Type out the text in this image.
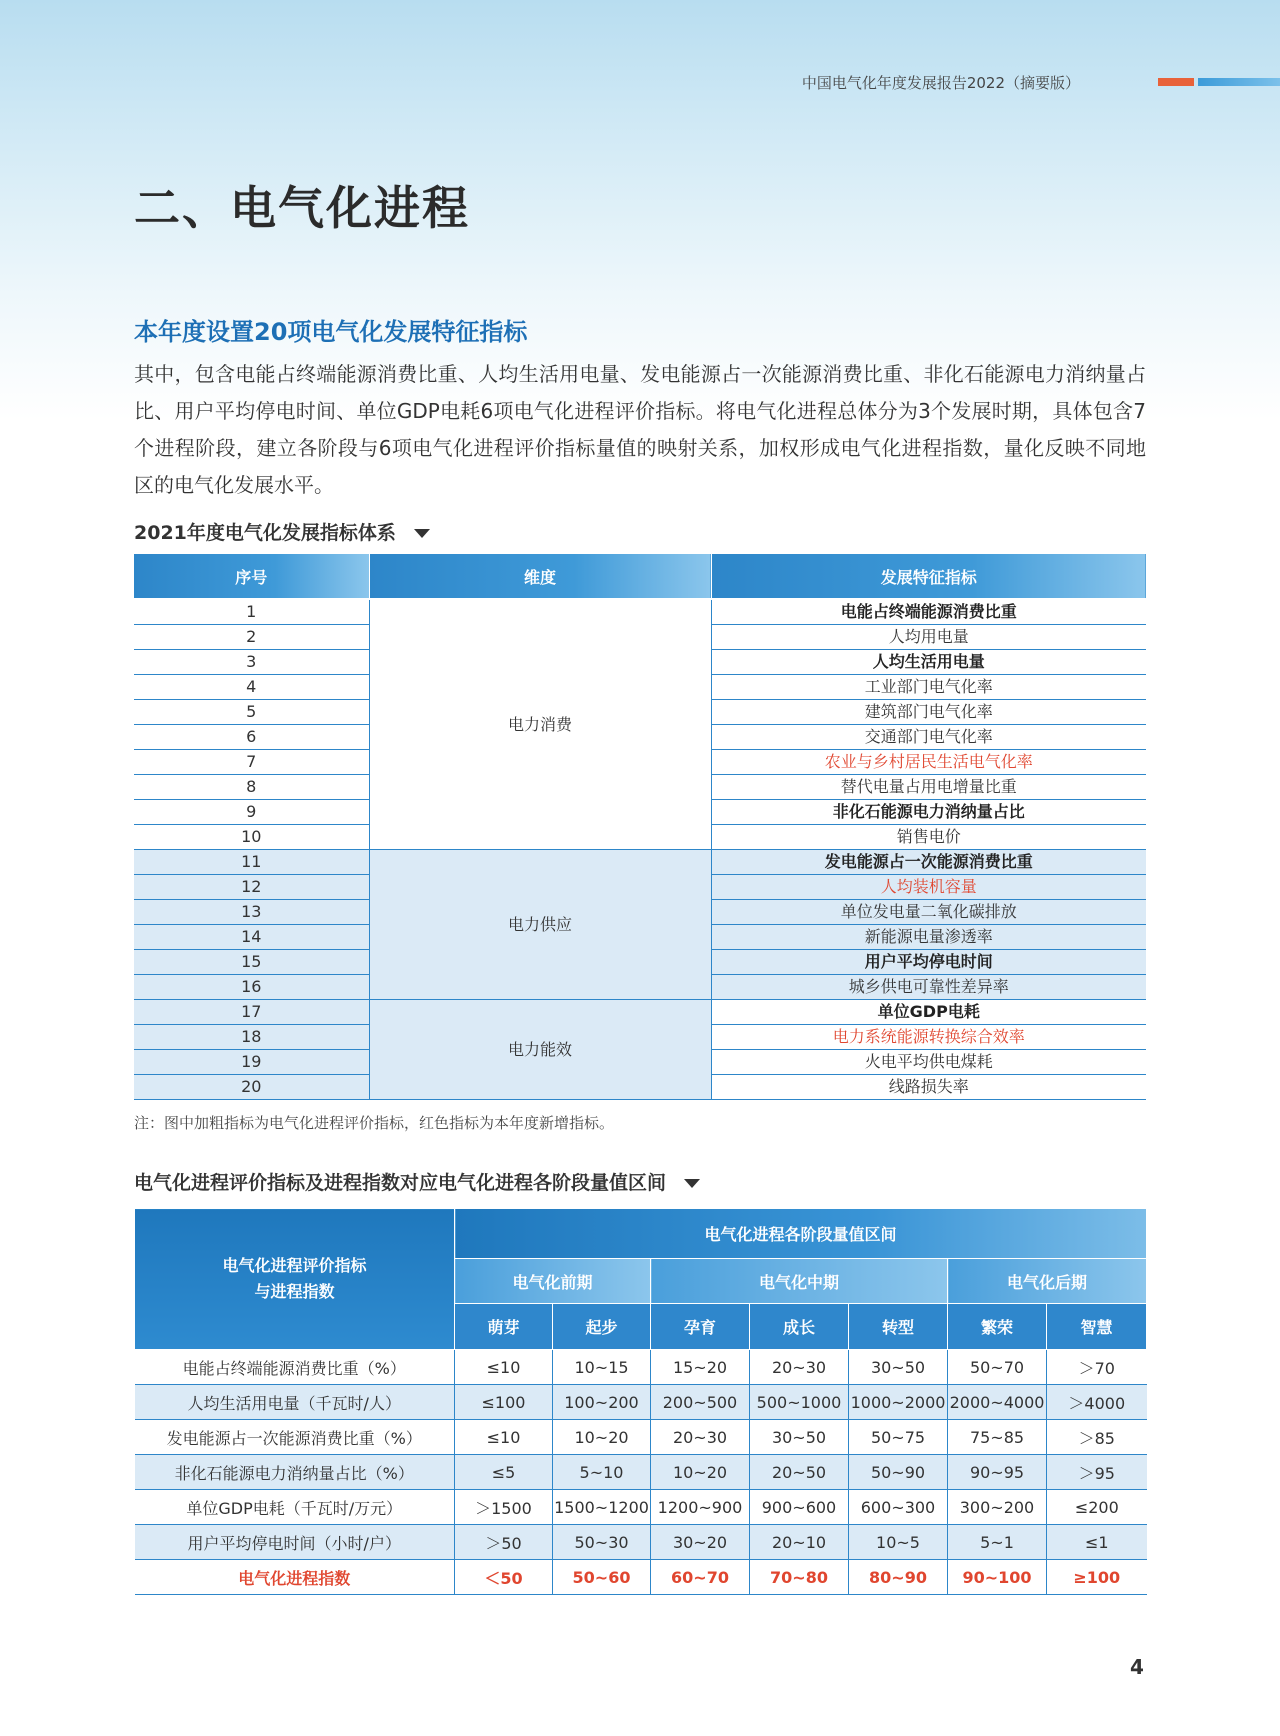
中国电气化年度发展报告2022（摘要版）
二、电气化进程
本年度设置20项电气化发展特征指标

其中，包含电能占终端能源消费比重、人均生活用电量、发电能源占一次能源消费比重、非化石能源电力消纳量占比、用户平均停电时间、单位GDP电耗6项电气化进程评价指标。将电气化进程总体分为3个发展时期，具体包含7个进程阶段，建立各阶段与6项电气化进程评价指标量值的映射关系，加权形成电气化进程指数，量化反映不同地区的电气化发展水平。

2021年度电气化发展指标体系
序号	维度	发展特征指标
1	电力消费	电能占终端能源消费比重
2		人均用电量
3		人均生活用电量
4		工业部门电气化率
5		建筑部门电气化率
6		交通部门电气化率
7		农业与乡村居民生活电气化率
8		替代电量占用电增量比重
9		非化石能源电力消纳量占比
10		销售电价
11	电力供应	发电能源占一次能源消费比重
12		人均装机容量
13		单位发电量二氧化碳排放
14		新能源电量渗透率
15		用户平均停电时间
16		城乡供电可靠性差异率
17	电力能效	单位GDP电耗
18		电力系统能源转换综合效率
19		火电平均供电煤耗
20		线路损失率
注：图中加粗指标为电气化进程评价指标，红色指标为本年度新增指标。
电气化进程评价指标及进程指数对应电气化进程各阶段量值区间
电气化进程评价指标
与进程指数	电气化进程各阶段量值区间						
	电气化前期		电气化中期			电气化后期	
	萌芽	起步	孕育	成长	转型	繁荣	智慧
电能占终端能源消费比重（%）	≤10	10~15	15~20	20~30	30~50	50~70	＞70
人均生活用电量（千瓦时/人）	≤100	100~200	200~500	500~1000	1000~2000	2000~4000	＞4000
发电能源占一次能源消费比重（%）	≤10	10~20	20~30	30~50	50~75	75~85	＞85
非化石能源电力消纳量占比（%）	≤5	5~10	10~20	20~50	50~90	90~95	＞95
单位GDP电耗（千瓦时/万元）	＞1500	1500~1200	1200~900	900~600	600~300	300~200	≤200
用户平均停电时间（小时/户）	＞50	50~30	30~20	20~10	10~5	5~1	≤1
电气化进程指数	＜50	50~60	60~70	70~80	80~90	90~100	≥100
4
